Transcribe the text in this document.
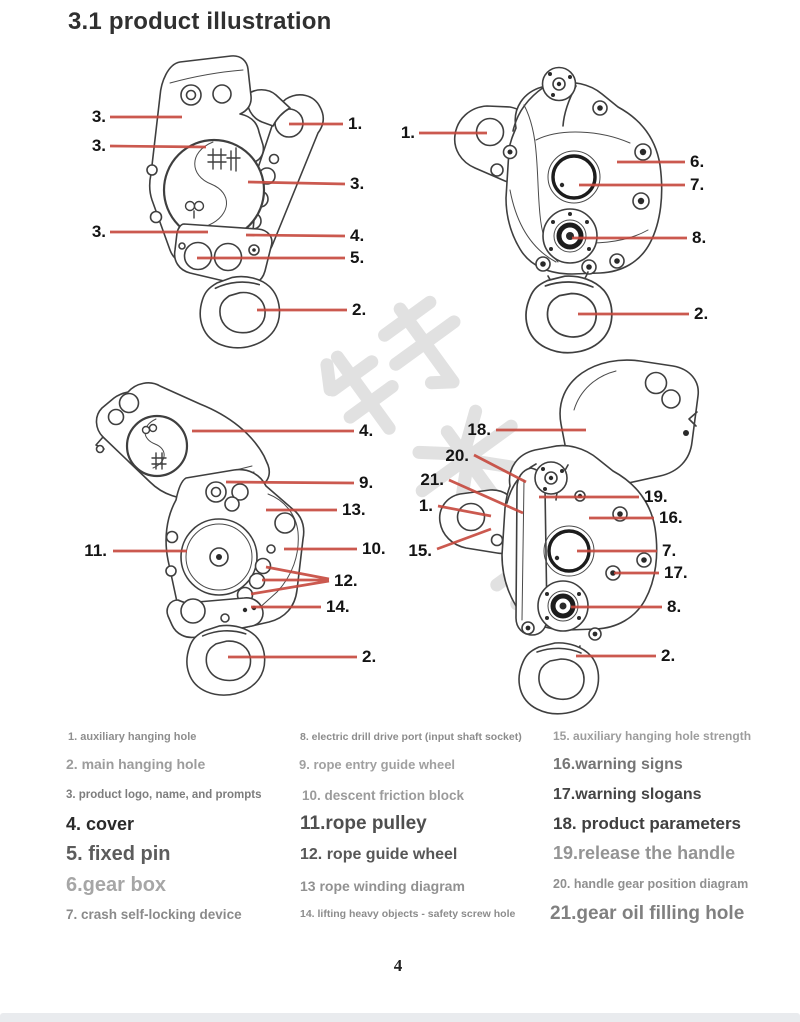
3.1 product illustration
3.
3.
3.
1.
3.
4.
5.
2.
1.
6.
7.
8.
2.
4.
9.
13.
11.	10.
12.
14.
2.
18.
20.
21.
1.
15.
19.
16.
7.
17.
8.
2.
1. auxiliary hanging hole
2. main hanging hole
3. product logo, name, and prompts
4. cover
5. fixed pin
6.gear box
7. crash self-locking device
8. electric drill drive port (input shaft socket)
9. rope entry guide wheel
10. descent friction block
11.rope pulley
12. rope guide wheel
13 rope winding diagram
14. lifting heavy objects - safety screw hole
15. auxiliary hanging hole strength
16.warning signs
17.warning slogans
18. product parameters
19.release the handle
20. handle gear position diagram
21.gear oil filling hole
4
